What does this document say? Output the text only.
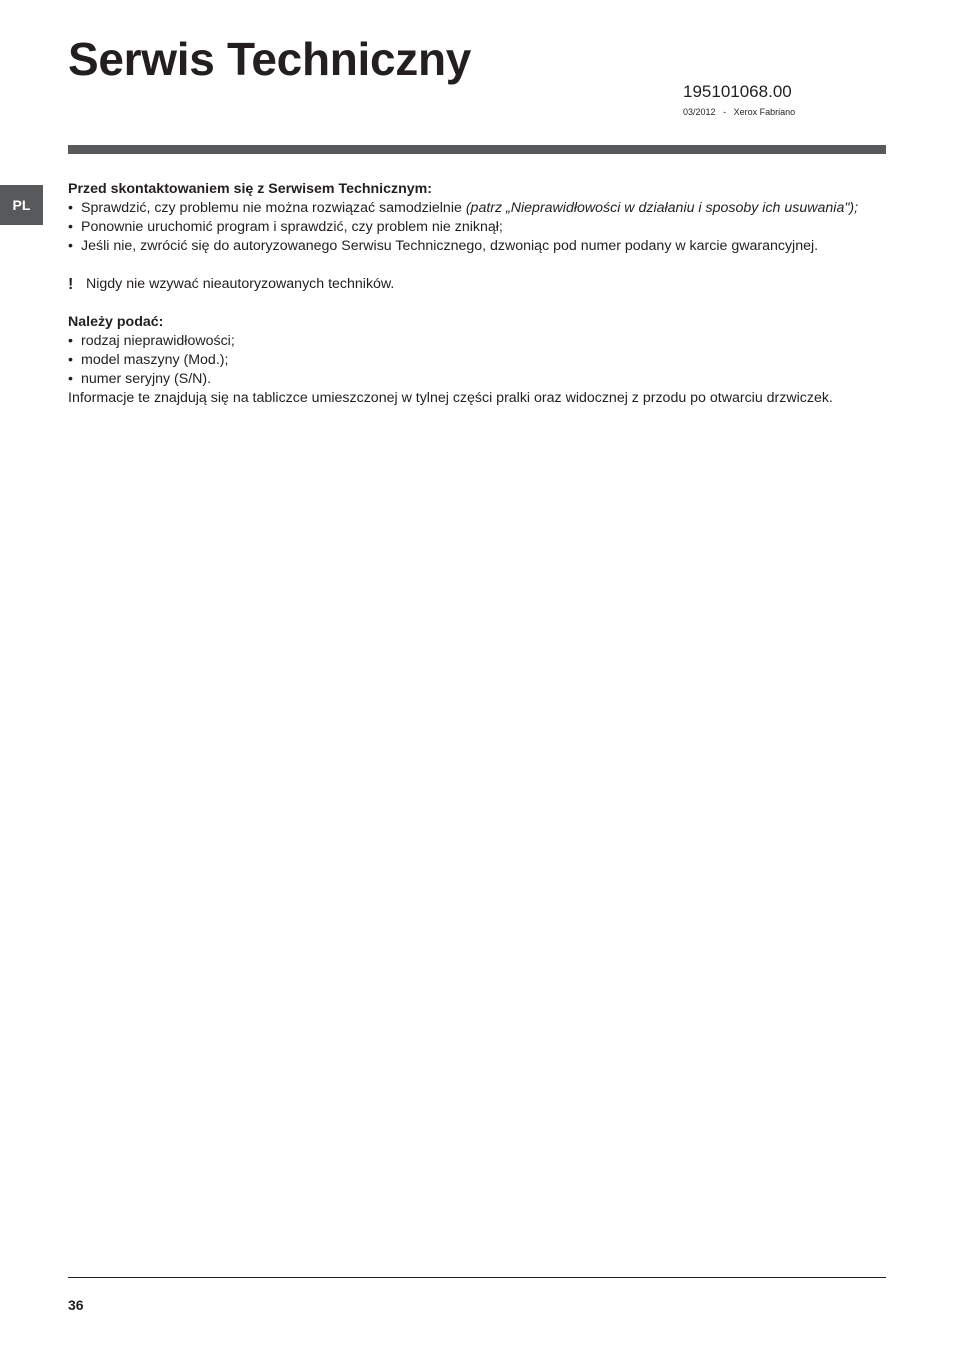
Serwis Techniczny
195101068.00
03/2012 - Xerox Fabriano
PL
Przed skontaktowaniem się z Serwisem Technicznym:
• Sprawdzić, czy problemu nie można rozwiązać samodzielnie (patrz „Nieprawidłowości w działaniu i sposoby ich usuwania");
• Ponownie uruchomić program i sprawdzić, czy problem nie zniknął;
• Jeśli nie, zwrócić się do autoryzowanego Serwisu Technicznego, dzwoniąc pod numer podany w karcie gwarancyjnej.
! Nigdy nie wzywać nieautoryzowanych techników.
Należy podać:
• rodzaj nieprawidłowości;
• model maszyny (Mod.);
• numer seryjny (S/N).
Informacje te znajdują się na tabliczce umieszczonej w tylnej części pralki oraz widocznej z przodu po otwarciu drzwiczek.
36
